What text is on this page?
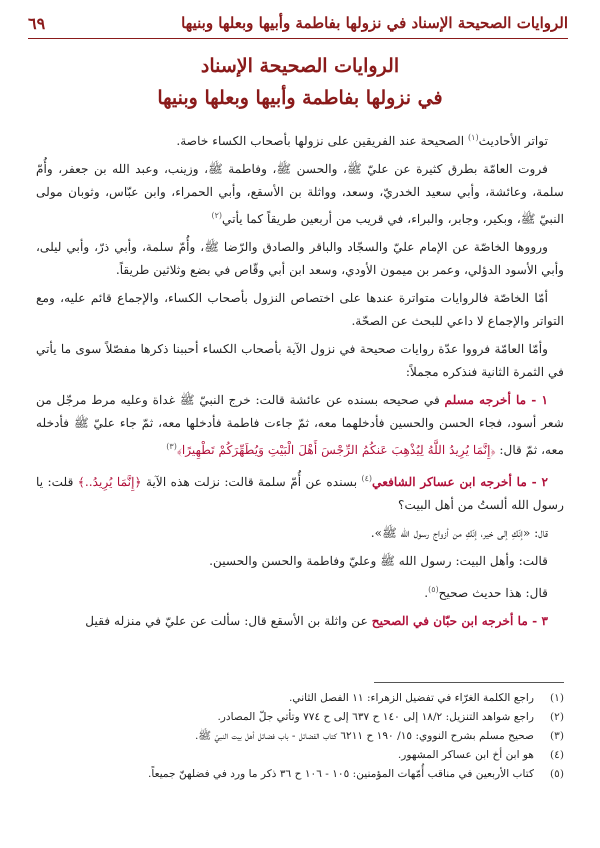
الروايات الصحيحة الإسناد في نزولها بفاطمة وأبيها وبعلها وبنيها
٦٩
الروايات الصحيحة الإسناد
في نزولها بفاطمة وأبيها وبعلها وبنيها

تواتر الأحاديث$^{(١)}$ الصحيحة عند الفريقين على نزولها بأصحاب الكساء خاصة.

فروت العامّة بطرق كثيرة عن عليّ ﷺ، والحسن ﷺ، وفاطمة ﷺ، وزينب، وعبد الله بن جعفر، وأُمّ سلمة، وعائشة، وأبي سعيد الخدريّ، وسعد، وواثلة بن الأسقع، وأبي الحمراء، وابن عبّاس، وثوبان مولى النبيّ ﷺ، وبكير، وجابر، والبراء، في قريب من أربعين طريقاً كما يأتي$^{(٢)}$

ورووها الخاصّة عن الإمام عليّ والسجّاد والباقر والصادق والرّضا ﷺ، وأُمّ سلمة، وأبي ذرّ، وأبي ليلى، وأبي الأسود الدؤلي، وعمر بن ميمون الأودي، وسعد ابن أبي وقّاص في بضع وثلاثين طريقاً.

أمّا الخاصّة فالروايات متواترة عندها على اختصاص النزول بأصحاب الكساء، والإجماع قائم عليه، ومع التواتر والإجماع لا داعي للبحث عن الصحّة.

وأمّا العامّة فرووا عدّة روايات صحيحة في نزول الآية بأصحاب الكساء أحببنا ذكرها مفصّلاً سوى ما يأتي في الثمرة الثانية فنذكره مجملاً:

١ - ما أخرجه مسلم في صحيحه بسنده عن عائشة قالت: خرج النبيّ ﷺ غداة وعليه مرط مرجّل من شعر أسود، فجاء الحسن والحسين فأدخلهما معه، ثمّ جاءت فاطمة فأدخلها معه، ثمّ جاء عليّ ﷺ فأدخله معه، ثمّ قال: ﴿إِنَّمَا يُرِيدُ اللَّهُ لِيُذْهِبَ عَنكُمُ الرِّجْسَ أَهْلَ الْبَيْتِ وَيُطَهِّرَكُمْ تَطْهِيرًا﴾$^{(٣)}$

٢ - ما أخرجه ابن عساكر الشافعي$^{(٤)}$ بسنده عن أُمّ سلمة قالت: نزلت هذه الآية ﴿إِنَّمَا يُرِيدُ..﴾ قلت: يا رسول الله ألستُ من أهل البيت؟

قال: «إنّكِ إلى خير، إنّكِ من أزواج رسول الله ﷺ».

قالت: وأهل البيت: رسول الله ﷺ وعليّ وفاطمة والحسن والحسين.

قال: هذا حديث صحيح$^{(٥)}$.

٣ - ما أخرجه ابن حبّان في الصحيح عن واثلة بن الأسقع قال: سألت عن عليّ في منزله فقيل

(١)
راجع الكلمة الغرّاء في تفضيل الزهراء: ١١ الفصل الثاني.
(٢)
راجع شواهد التنزيل: ١٨/٢ إلى ١٤٠ ح ٦٣٧ إلى ح ٧٧٤ وتأتي جلّ المصادر.
(٣)
صحيح مسلم بشرح النووي: ١٥/ ١٩٠ ح ٦٢١١ كتاب الفضائل - باب فضائل أهل بيت النبيّ ﷺ.
(٤)
هو ابن أخ ابن عساكر المشهور.
(٥)
كتاب الأربعين في مناقب أُمّهات المؤمنين: ١٠٥ - ١٠٦ ح ٣٦ ذكر ما ورد في فضلهنّ جميعاً.
